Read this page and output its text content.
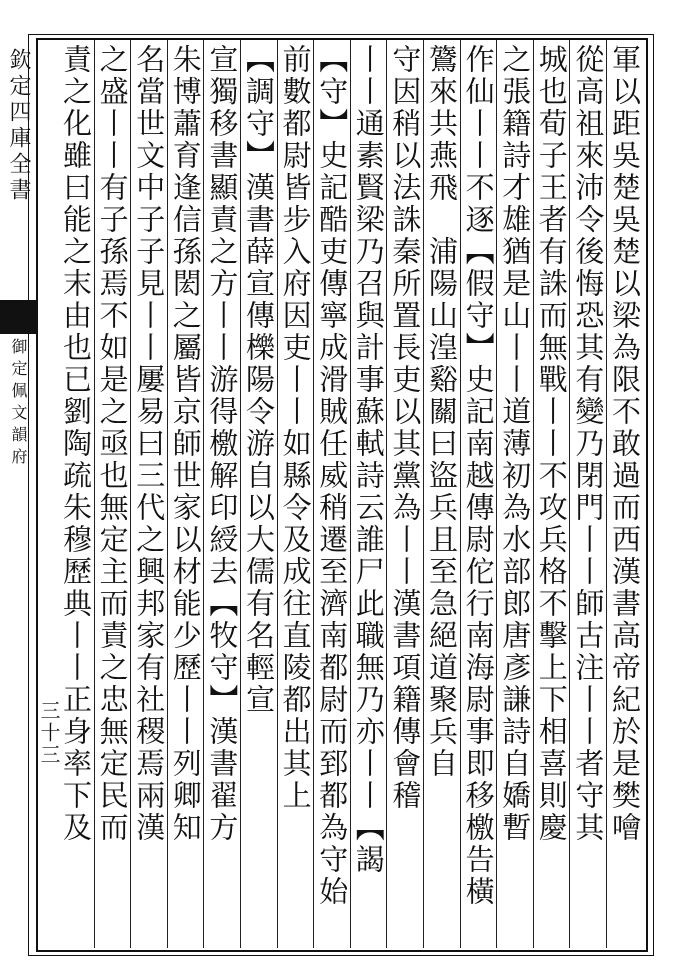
欽定四庫全書
御定佩文韻府
三十三	軍以距吳楚吳楚以梁為限不敢過而西漢書高帝紀於是樊噲
從高祖來沛令後悔恐其有變乃閉門丨丨師古注丨丨者守其
城也荀子王者有誅而無戰丨丨不攻兵格不擊上下相喜則慶
之張籍詩才雄猶是山丨丨道薄初為水部郎唐彥謙詩自嬌暫
作仙丨丨不逐【假守】史記南越傳尉佗行南海尉事即移檄告橫
鷟來共燕飛　浦陽山湟谿關曰盜兵且至急絕道聚兵自
守因稍以法誅秦所置長吏以其黨為丨丨漢書項籍傳會稽
丨丨通素賢梁乃召與計事蘇軾詩云誰尸此職無乃亦丨丨【謁
【守】史記酷吏傳寧成滑賊任威稍遷至濟南都尉而郅都為守始
前數都尉皆步入府因吏丨丨如縣令及成往直陵都出其上
【調守】漢書薛宣傳櫟陽令游自以大儒有名輕宣
宣獨移書顯責之方丨丨游得檄解印綬去【牧守】漢書翟方
朱博蕭育逢信孫閎之屬皆京師世家以材能少歷丨丨列卿知
名當世文中子子見丨丨屢易曰三代之興邦家有社稷焉兩漢
之盛丨丨有子孫焉不如是之亟也無定主而責之忠無定民而
責之化雖曰能之末由也已劉陶疏朱穆歷典丨丨正身率下及
